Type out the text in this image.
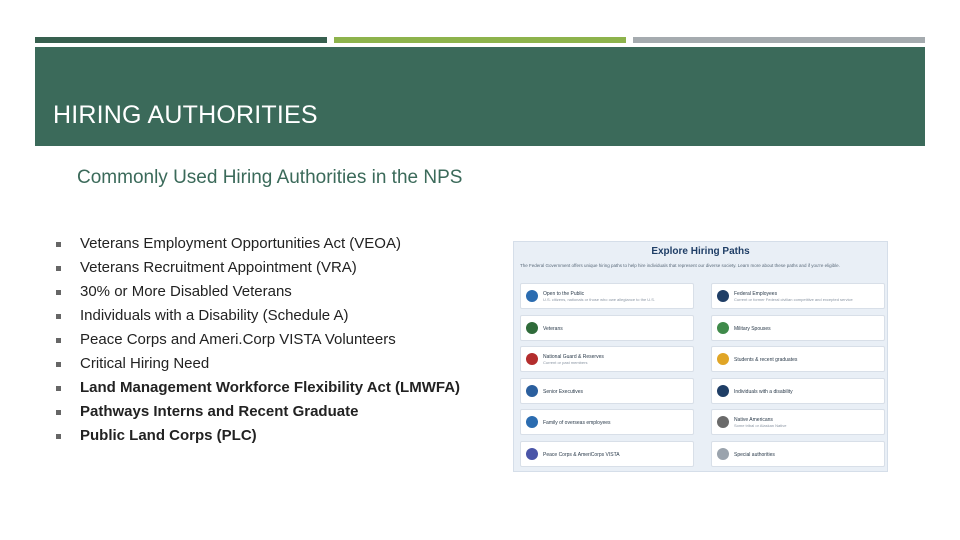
HIRING AUTHORITIES
Commonly Used Hiring Authorities in the NPS
Veterans Employment Opportunities Act (VEOA)
Veterans Recruitment Appointment (VRA)
30% or More Disabled Veterans
Individuals with a Disability (Schedule A)
Peace Corps and Ameri.Corp VISTA Volunteers
Critical Hiring Need
Land Management Workforce Flexibility Act (LMWFA)
Pathways Interns and Recent Graduate
Public Land Corps (PLC)
Explore Hiring Paths
The Federal Government offers unique hiring paths to help hire individuals that represent our diverse society. Learn more about these paths and if you're eligible.
Open to the Public
U.S. citizens, nationals or those who owe allegiance to the U.S.
Federal Employees
Current or former Federal civilian competitive and excepted service
Veterans	Military Spouses
National Guard & Reserves
Current or past members	Students & recent graduates
Senior Executives	Individuals with a disability
Family of overseas employees	Native Americans
Some tribal or Alaskan Native
Peace Corps & AmeriCorps VISTA	Special authorities
